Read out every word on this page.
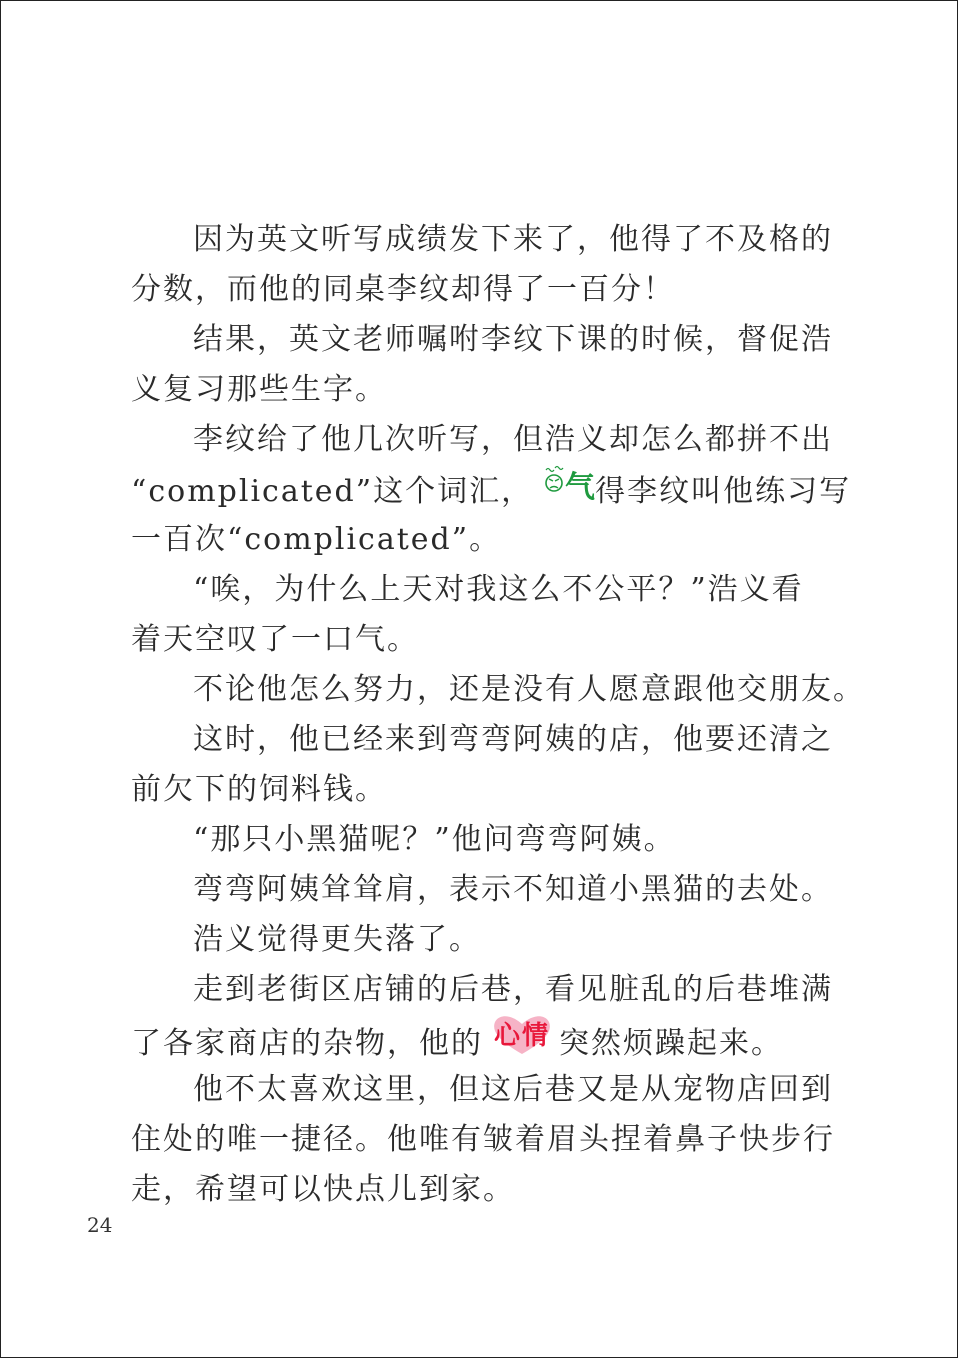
因为英文听写成绩发下来了，他得了不及格的
分数，而他的同桌李纹却得了一百分！
结果，英文老师嘱咐李纹下课的时候，督促浩
义复习那些生字。
李纹给了他几次听写，但浩义却怎么都拼不出
“complicated”这个词汇， 气
得李纹叫他练习写
一百次“complicated”。
“唉，为什么上天对我这么不公平？”浩义看
着天空叹了一口气。
不论他怎么努力，还是没有人愿意跟他交朋友。
这时，他已经来到弯弯阿姨的店，他要还清之
前欠下的饲料钱。
“那只小黑猫呢？”他问弯弯阿姨。
弯弯阿姨耸耸肩，表示不知道小黑猫的去处。
浩义觉得更失落了。
走到老街区店铺的后巷，看见脏乱的后巷堆满
了各家商店的杂物，他的 心情 突然烦躁起来。
他不太喜欢这里，但这后巷又是从宠物店回到
住处的唯一捷径。他唯有皱着眉头捏着鼻子快步行
走，希望可以快点儿到家。
24
